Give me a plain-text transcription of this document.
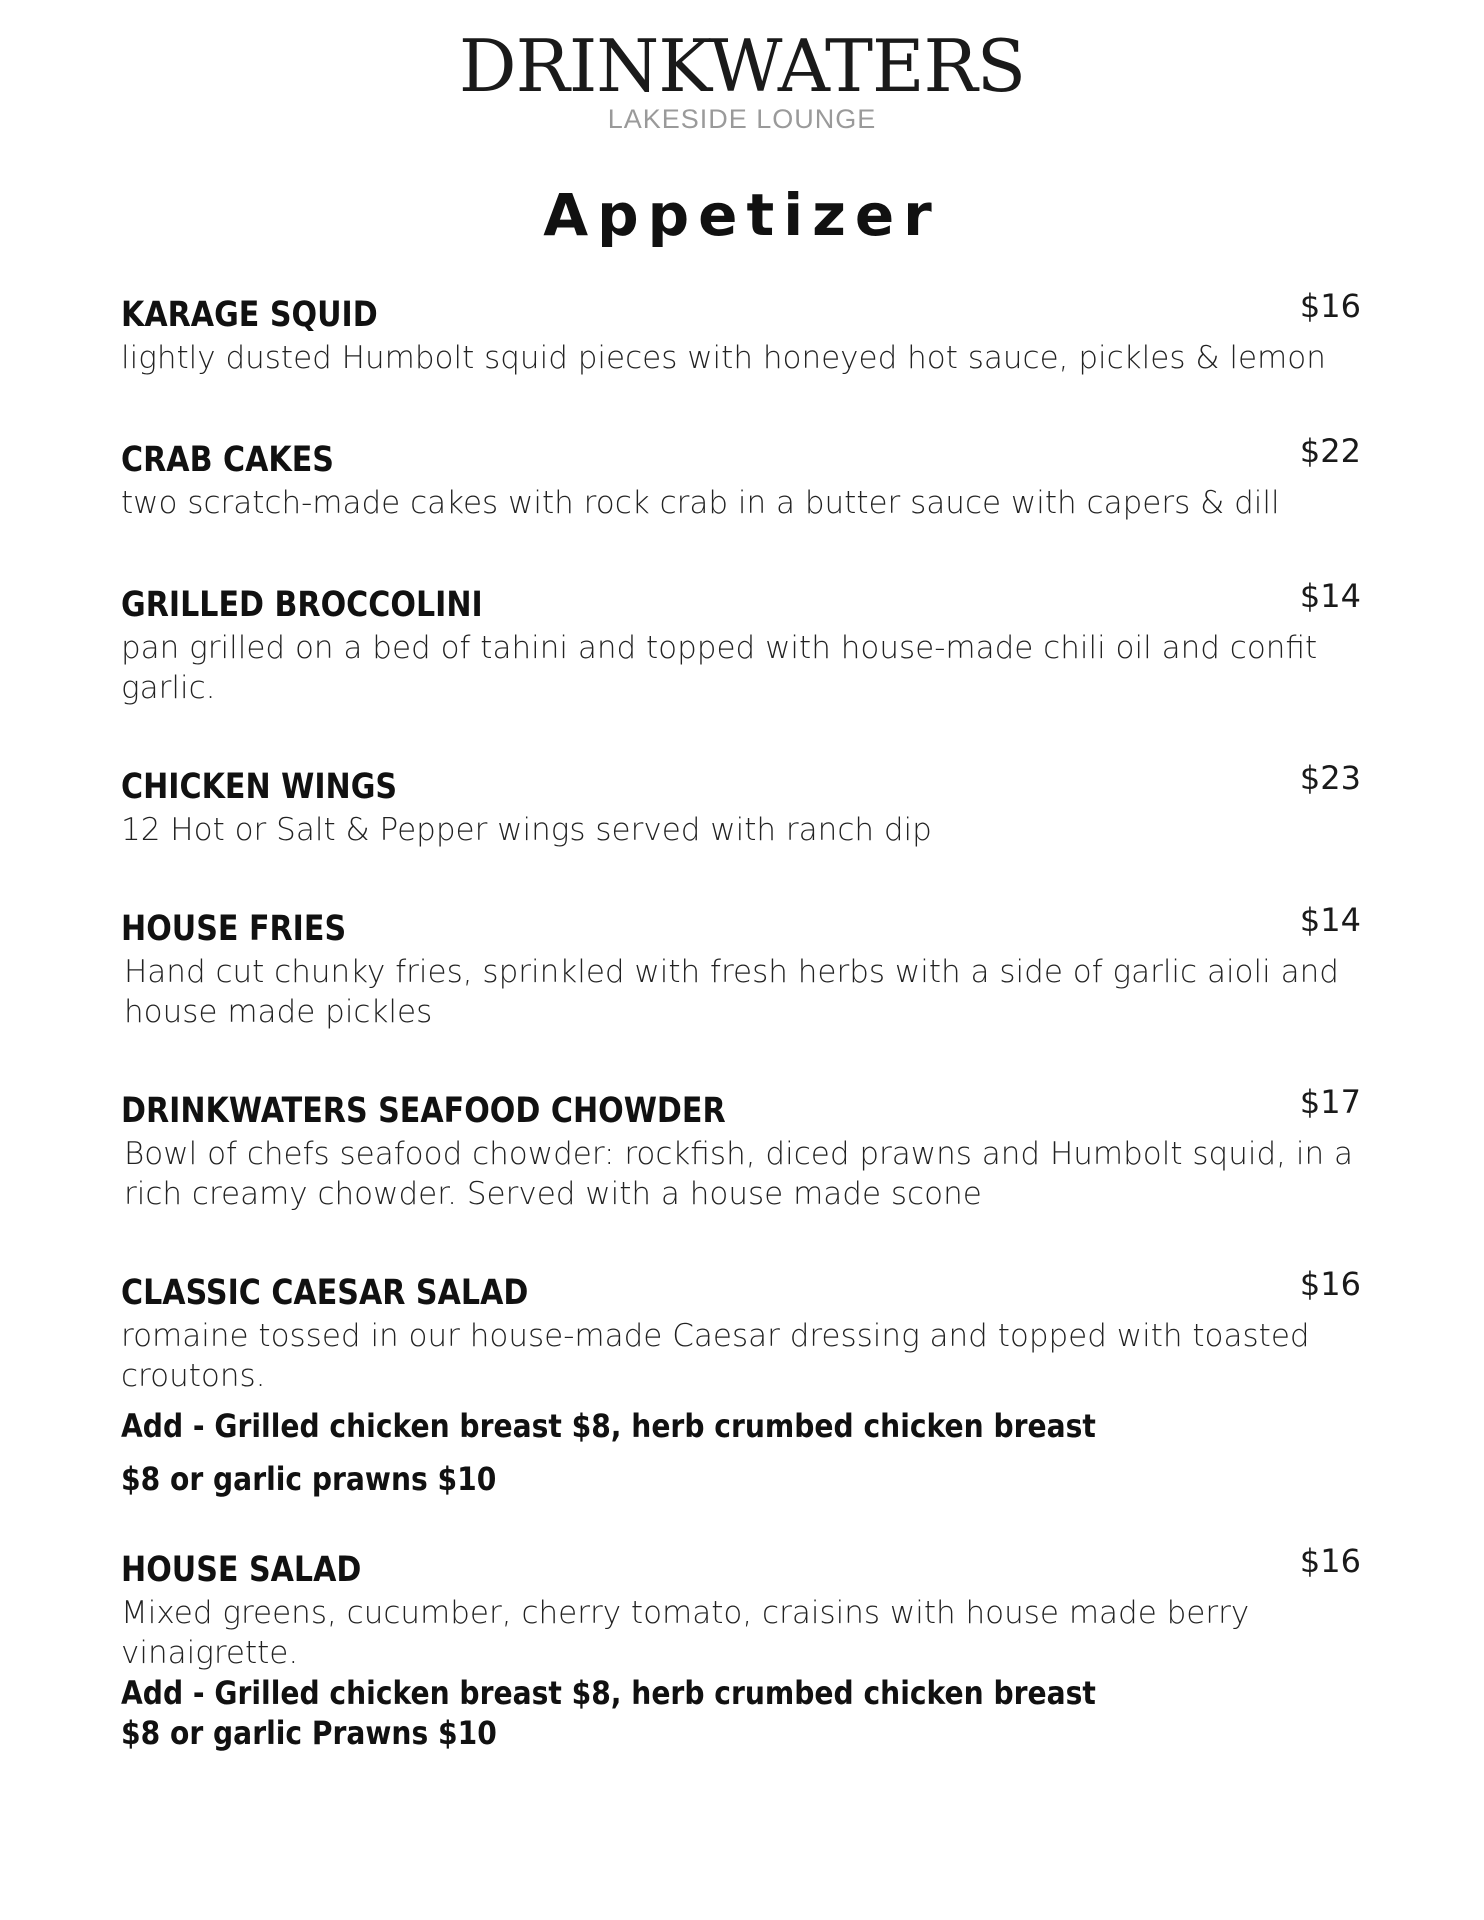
DRINKWATERS
LAKESIDE LOUNGE
Appetizer
KARAGE SQUID	$16
lightly dusted Humbolt squid pieces with honeyed hot sauce, pickles & lemon
CRAB CAKES	$22
two scratch-made cakes with rock crab in a butter sauce with capers & dill
GRILLED BROCCOLINI	$14
pan grilled on a bed of tahini and topped with house-made chili oil and confit garlic.
CHICKEN WINGS	$23
12 Hot or Salt & Pepper wings served with ranch dip
HOUSE FRIES	$14
Hand cut chunky fries, sprinkled with fresh herbs with a side of garlic aioli and house made pickles
DRINKWATERS SEAFOOD CHOWDER	$17
Bowl of chefs seafood chowder: rockfish, diced prawns and Humbolt squid, in a rich creamy chowder. Served with a house made scone
CLASSIC CAESAR SALAD	$16
romaine tossed in our house-made Caesar dressing and topped with toasted croutons.
Add - Grilled chicken breast $8, herb crumbed chicken breast $8 or garlic prawns $10
HOUSE SALAD	$16
Mixed greens, cucumber, cherry tomato, craisins with house made berry vinaigrette.
Add - Grilled chicken breast $8, herb crumbed chicken breast $8 or garlic Prawns $10
